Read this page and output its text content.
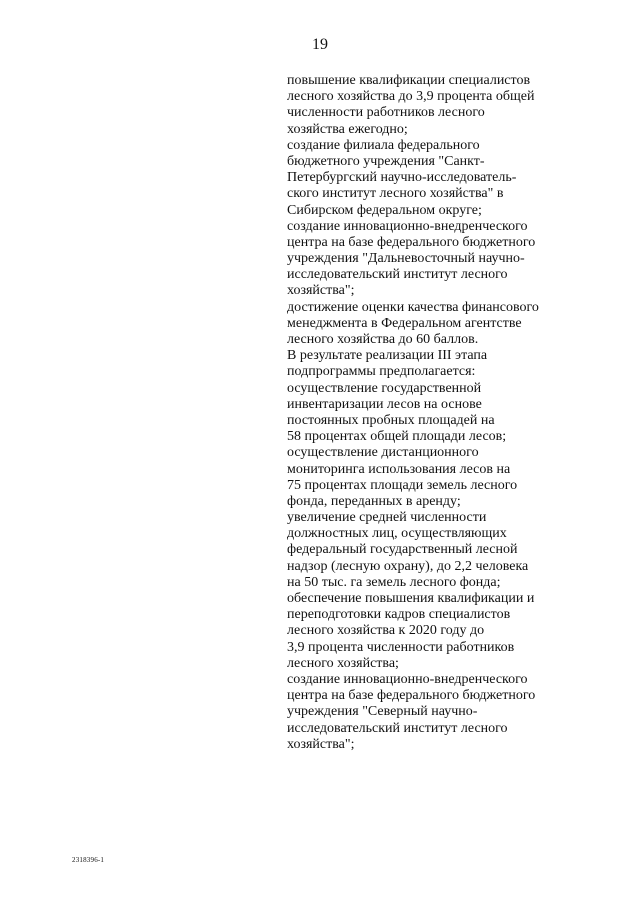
19
повышение квалификации специалистов
лесного хозяйства до 3,9 процента общей
численности работников лесного
хозяйства ежегодно;
создание филиала федерального
бюджетного учреждения "Санкт-
Петербургский научно-исследователь-
ского институт лесного хозяйства" в
Сибирском федеральном округе;
создание инновационно-внедренческого
центра на базе федерального бюджетного
учреждения "Дальневосточный научно-
исследовательский институт лесного
хозяйства";
достижение оценки качества финансового
менеджмента в Федеральном агентстве
лесного хозяйства до 60 баллов.
В результате реализации III этапа
подпрограммы предполагается:
осуществление государственной
инвентаризации лесов на основе
постоянных пробных площадей на
58 процентах общей площади лесов;
осуществление дистанционного
мониторинга использования лесов на
75 процентах площади земель лесного
фонда, переданных в аренду;
увеличение средней численности
должностных лиц, осуществляющих
федеральный государственный лесной
надзор (лесную охрану), до 2,2 человека
на 50 тыс. га земель лесного фонда;
обеспечение повышения квалификации и
переподготовки кадров специалистов
лесного хозяйства к 2020 году до
3,9 процента численности работников
лесного хозяйства;
создание инновационно-внедренческого
центра на базе федерального бюджетного
учреждения "Северный научно-
исследовательский институт лесного
хозяйства";
2318396-1
